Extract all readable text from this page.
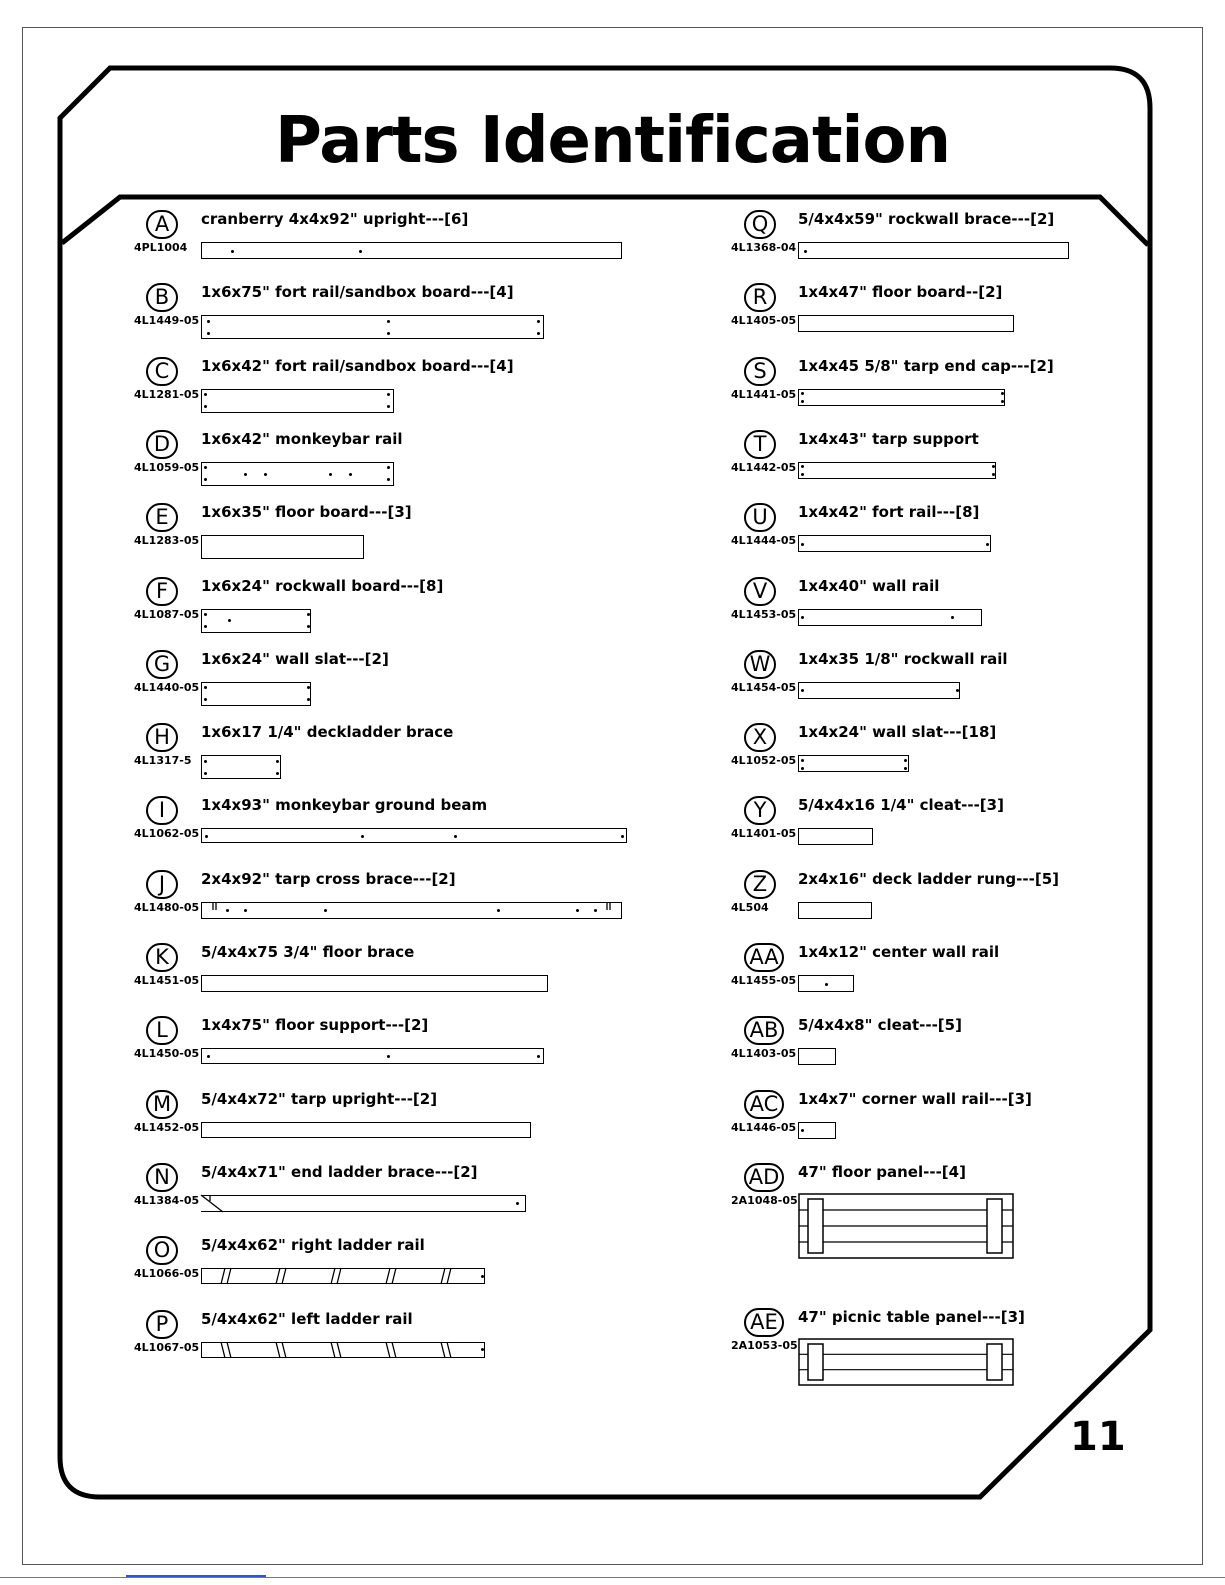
Parts Identification
A
4PL1004
cranberry 4x4x92" upright---[6]
B
4L1449-05
1x6x75" fort rail/sandbox board---[4]
C
4L1281-05
1x6x42" fort rail/sandbox board---[4]
D
4L1059-05
1x6x42" monkeybar rail
E
4L1283-05
1x6x35" floor board---[3]
F
4L1087-05
1x6x24" rockwall board---[8]
G
4L1440-05
1x6x24" wall slat---[2]
H
4L1317-5
1x6x17 1/4" deckladder brace
I
4L1062-05
1x4x93" monkeybar ground beam
J
4L1480-05
2x4x92" tarp cross brace---[2]
K
4L1451-05
5/4x4x75 3/4" floor brace
L
4L1450-05
1x4x75" floor support---[2]
M
4L1452-05
5/4x4x72" tarp upright---[2]
N
4L1384-05
5/4x4x71" end ladder brace---[2]
O
4L1066-05
5/4x4x62" right ladder rail
P
4L1067-05
5/4x4x62" left ladder rail
Q
4L1368-04
5/4x4x59" rockwall brace---[2]
R
4L1405-05
1x4x47" floor board--[2]
S
4L1441-05
1x4x45 5/8" tarp end cap---[2]
T
4L1442-05
1x4x43" tarp support
U
4L1444-05
1x4x42" fort rail---[8]
V
4L1453-05
1x4x40" wall rail
W
4L1454-05
1x4x35 1/8" rockwall rail
X
4L1052-05
1x4x24" wall slat---[18]
Y
4L1401-05
5/4x4x16 1/4" cleat---[3]
Z
4L504
2x4x16" deck ladder rung---[5]
AA
4L1455-05
1x4x12" center wall rail
AB
4L1403-05
5/4x4x8" cleat---[5]
AC
4L1446-05
1x4x7" corner wall rail---[3]
AD
2A1048-05
47" floor panel---[4]
AE
2A1053-05
47" picnic table panel---[3]
11
